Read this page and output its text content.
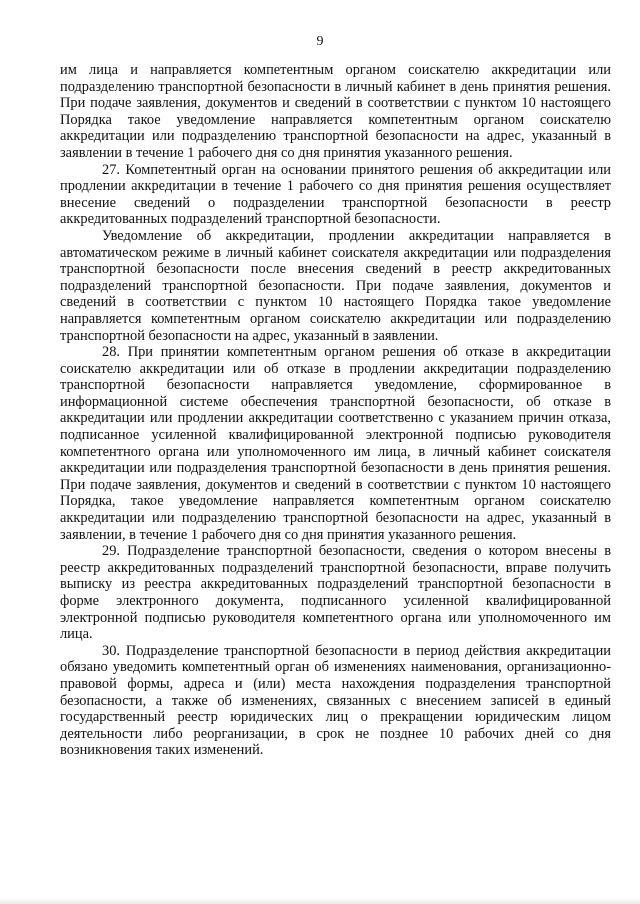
9

им лица и направляется компетентным органом соискателю аккредитации или подразделению транспортной безопасности в личный кабинет в день принятия решения. При подаче заявления, документов и сведений в соответствии с пунктом 10 настоящего Порядка такое уведомление направляется компетентным органом соискателю аккредитации или подразделению транспортной безопасности на адрес, указанный в заявлении в течение 1 рабочего дня со дня принятия указанного решения.

27. Компетентный орган на основании принятого решения об аккредитации или продлении аккредитации в течение 1 рабочего со дня принятия решения осуществляет внесение сведений о подразделении транспортной безопасности в реестр аккредитованных подразделений транспортной безопасности.

Уведомление об аккредитации, продлении аккредитации направляется в автоматическом режиме в личный кабинет соискателя аккредитации или подразделения транспортной безопасности после внесения сведений в реестр аккредитованных подразделений транспортной безопасности. При подаче заявления, документов и сведений в соответствии с пунктом 10 настоящего Порядка такое уведомление направляется компетентным органом соискателю аккредитации или подразделению транспортной безопасности на адрес, указанный в заявлении.

28. При принятии компетентным органом решения об отказе в аккредитации соискателю аккредитации или об отказе в продлении аккредитации подразделению транспортной безопасности направляется уведомление, сформированное в информационной системе обеспечения транспортной безопасности, об отказе в аккредитации или продлении аккредитации соответственно с указанием причин отказа, подписанное усиленной квалифицированной электронной подписью руководителя компетентного органа или уполномоченного им лица, в личный кабинет соискателя аккредитации или подразделения транспортной безопасности в день принятия решения. При подаче заявления, документов и сведений в соответствии с пунктом 10 настоящего Порядка, такое уведомление направляется компетентным органом соискателю аккредитации или подразделению транспортной безопасности на адрес, указанный в заявлении, в течение 1 рабочего дня со дня принятия указанного решения.

29. Подразделение транспортной безопасности, сведения о котором внесены в реестр аккредитованных подразделений транспортной безопасности, вправе получить выписку из реестра аккредитованных подразделений транспортной безопасности в форме электронного документа, подписанного усиленной квалифицированной электронной подписью руководителя компетентного органа или уполномоченного им лица.

30. Подразделение транспортной безопасности в период действия аккредитации обязано уведомить компетентный орган об изменениях наименования, организационно-правовой формы, адреса и (или) места нахождения подразделения транспортной безопасности, а также об изменениях, связанных с внесением записей в единый государственный реестр юридических лиц о прекращении юридическим лицом деятельности либо реорганизации, в срок не позднее 10 рабочих дней со дня возникновения таких изменений.
